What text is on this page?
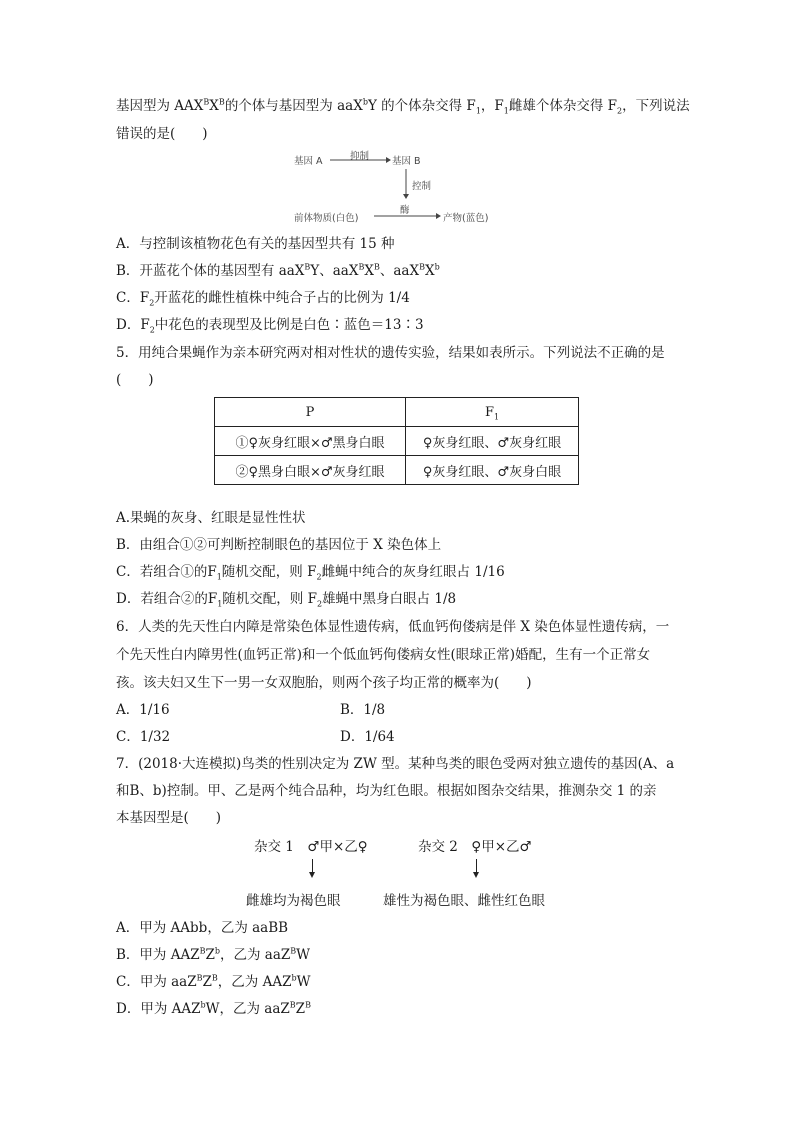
基因型为 $AAX^BX^B$的个体与基因型为 aaX$^b$Y 的个体杂交得 $F_1$，$F_1$雌雄个体杂交得 $F_2$，下列说法
错误的是(　　)
基因 A	抑制 基因 B
控制
酶
前体物质(白色)	产物(蓝色)
A．与控制该植物花色有关的基因型共有 15 种
B．开蓝花个体的基因型有 aaX$^B$Y、$aaX^BX^B$、$aaX^BX^b$
C．$F_2$开蓝花的雌性植株中纯合子占的比例为 1/4
D．$F_2$中花色的表现型及比例是白色∶蓝色＝13∶3
5．用纯合果蝇作为亲本研究两对相对性状的遗传实验，结果如表所示。下列说法不正确的是
(　　)
P	$F_1$
①♀灰身红眼×♂黑身白眼	♀灰身红眼、♂灰身红眼
②♀黑身白眼×♂灰身红眼	♀灰身红眼、♂灰身白眼
A.果蝇的灰身、红眼是显性性状
B．由组合①②可判断控制眼色的基因位于 X 染色体上
C．若组合①的$F_1$随机交配，则 $F_2$雌蝇中纯合的灰身红眼占 1/16
D．若组合②的$F_1$随机交配，则 $F_2$雄蝇中黑身白眼占 1/8
6．人类的先天性白内障是常染色体显性遗传病，低血钙佝偻病是伴 X 染色体显性遗传病，一
个先天性白内障男性(血钙正常)和一个低血钙佝偻病女性(眼球正常)婚配，生有一个正常女
孩。该夫妇又生下一男一女双胞胎，则两个孩子均正常的概率为(　　)
A．1/16	B．1/8
C．1/32	D．1/64
7．(2018·大连模拟)鸟类的性别决定为 ZW 型。某种鸟类的眼色受两对独立遗传的基因(A、a
和B、b)控制。甲、乙是两个纯合品种，均为红色眼。根据如图杂交结果，推测杂交 1 的亲
本基因型是(　　)
杂交 1　♂甲×乙♀	杂交 2　♀甲×乙♂
雌雄均为褐色眼	雄性为褐色眼、雌性红色眼
A．甲为 AAbb，乙为 aaBB
B．甲为 $AAZ^BZ^b$，乙为 aaZ$^B$W
C．甲为 $aaZ^BZ^B$，乙为 AAZ$^b$W
D．甲为 AAZ$^b$W，乙为 $aaZ^BZ^B$
